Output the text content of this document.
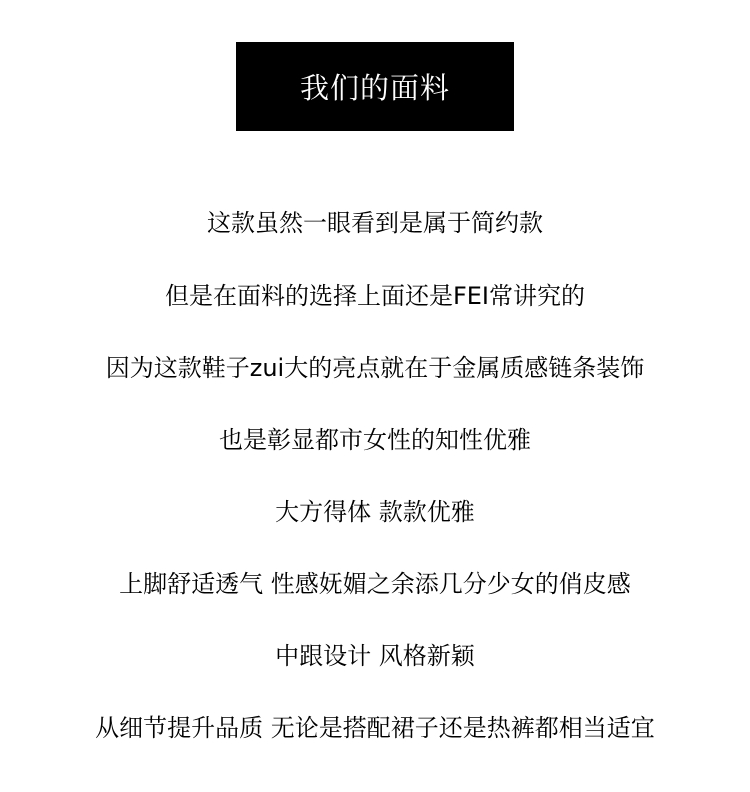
我们的面料
这款虽然一眼看到是属于简约款
但是在面料的选择上面还是FEI常讲究的
因为这款鞋子zui大的亮点就在于金属质感链条装饰
也是彰显都市女性的知性优雅
大方得体 款款优雅
上脚舒适透气 性感妩媚之余添几分少女的俏皮感
中跟设计 风格新颖
从细节提升品质 无论是搭配裙子还是热裤都相当适宜
